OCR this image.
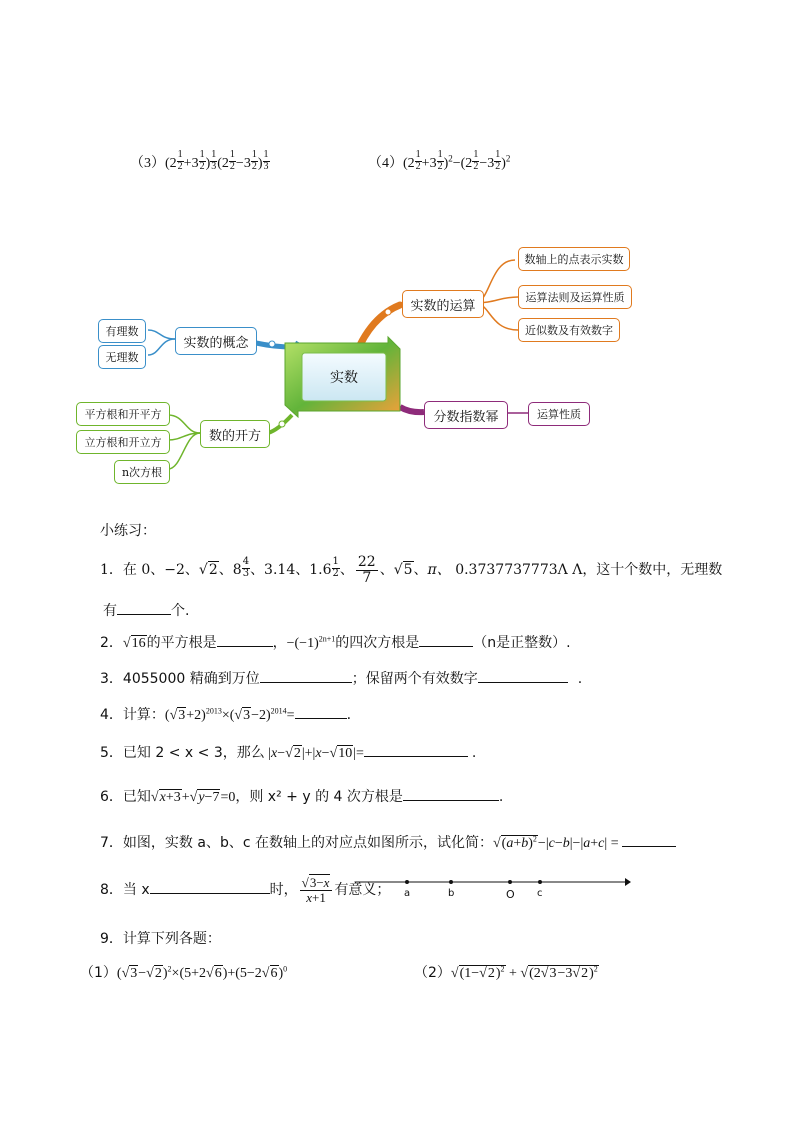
$(3)(2 \frac{1}{2} +3 \frac{1}{2}$ ) $\frac{1}{3} (2 \frac{1}{2} -3 \frac{1}{2}$ ) $\frac{1}{3}$	$(4)(2 \frac{1}{2} +3 \frac{1}{2} )^2-(2 \frac{1}{2} -3 \frac{1}{2} )^2$
实数
实数的运算
数轴上的点表示实数
运算法则及运算性质
近似数及有效数字
实数的概念
有理数
无理数
数的开方
平方根和开平方
立方根和开立方
n次方根
分数指数幂	运算性质
小练习：
1．在 0、−2、√2、$8 \frac{4}{3}$ 、3.14、$1.6 \frac{1}{2}$ 、 $\frac{22}{7}$ 、√5、π、 0.3737737773Λ Λ，这十个数中，无理数
有	个.
2．√16的平方根是	，$-(-1)^{2n+1}$的四次方根是	（n是正整数）.
3．4055000 精确到万位	；保留两个有效数字	.
4．计算：$(√3+2)^{2013}\times(√3-2)^{2014}=$	.
5．已知 2 < x < 3，那么 |x−√2|+|x−√10|=	.
6．已知√x+3+√y−7=0，则 x² + y 的 4 次方根是	.
7．如图，实数 a、b、c 在数轴上的对应点如图所示，试化简：$√(a+b)^2-|c-b|-|a+c|$ =
8．当 x	时， $\frac{√3-x}{x+1}$ 有意义； a	b	O c
9．计算下列各题：
$(1)(√3-√2)^2\times(5+2√6)+(5-2√6)^0$	$(2)√(1-√2)^2 + √(2√3-3√2)^2$
